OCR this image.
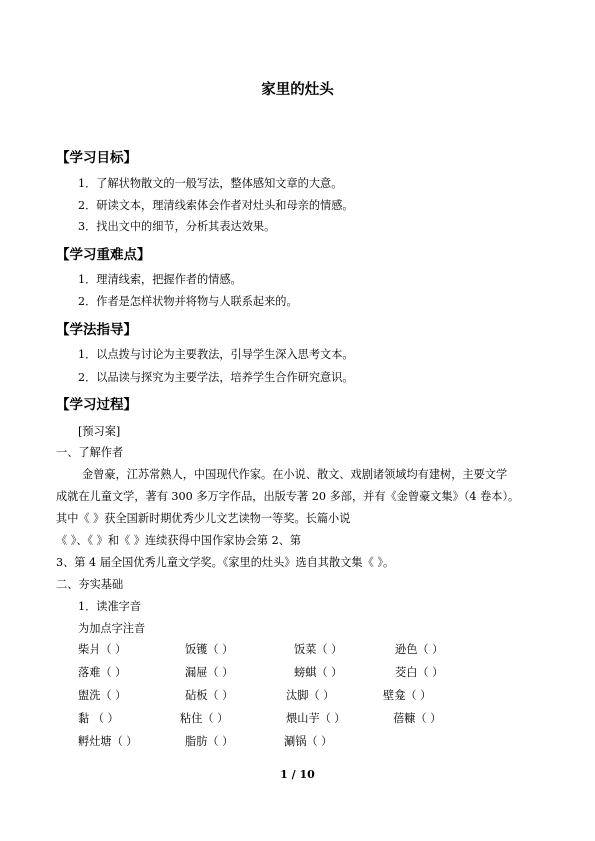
家里的灶头
【学习目标】
1．了解状物散文的一般写法，整体感知文章的大意。
2．研读文本，理清线索体会作者对灶头和母亲的情感。
3．找出文中的细节，分析其表达效果。
【学习重难点】
1．理清线索，把握作者的情感。
2．作者是怎样状物并将物与人联系起来的。
【学法指导】
1．以点拨与讨论为主要教法，引导学生深入思考文本。
2．以品读与探究为主要学法，培养学生合作研究意识。
【学习过程】
[预习案]
一、了解作者
金曾豪，江苏常熟人，中国现代作家。在小说、散文、戏剧诸领域均有建树，主要文学
成就在儿童文学，著有 300 多万字作品，出版专著 20 多部，并有《金曾豪文集》（4 卷本）。
其中《 》获全国新时期优秀少儿文艺读物一等奖。长篇小说
《 》、《 》和《 》连续获得中国作家协会第 2、第
3、第 4 届全国优秀儿童文学奖。《家里的灶头》选自其散文集《 》。
二、夯实基础
1．读准字音
为加点字注音
柴爿（ ）	饭镬（ ）	饭菜（ ）	逊色（ ）
落难（ ）	漏屉（ ）	螃蜞（ ）	茭白（ ）
盥洗（ ）	砧板（ ）	汰脚（ ）	壁龛（ ）
黏 （ ）	粘住（ ）	煨山芋（ ）	蓓糠（ ）
孵灶塘（ ）	脂肪（ ）	涮锅（ ）
1 / 10
